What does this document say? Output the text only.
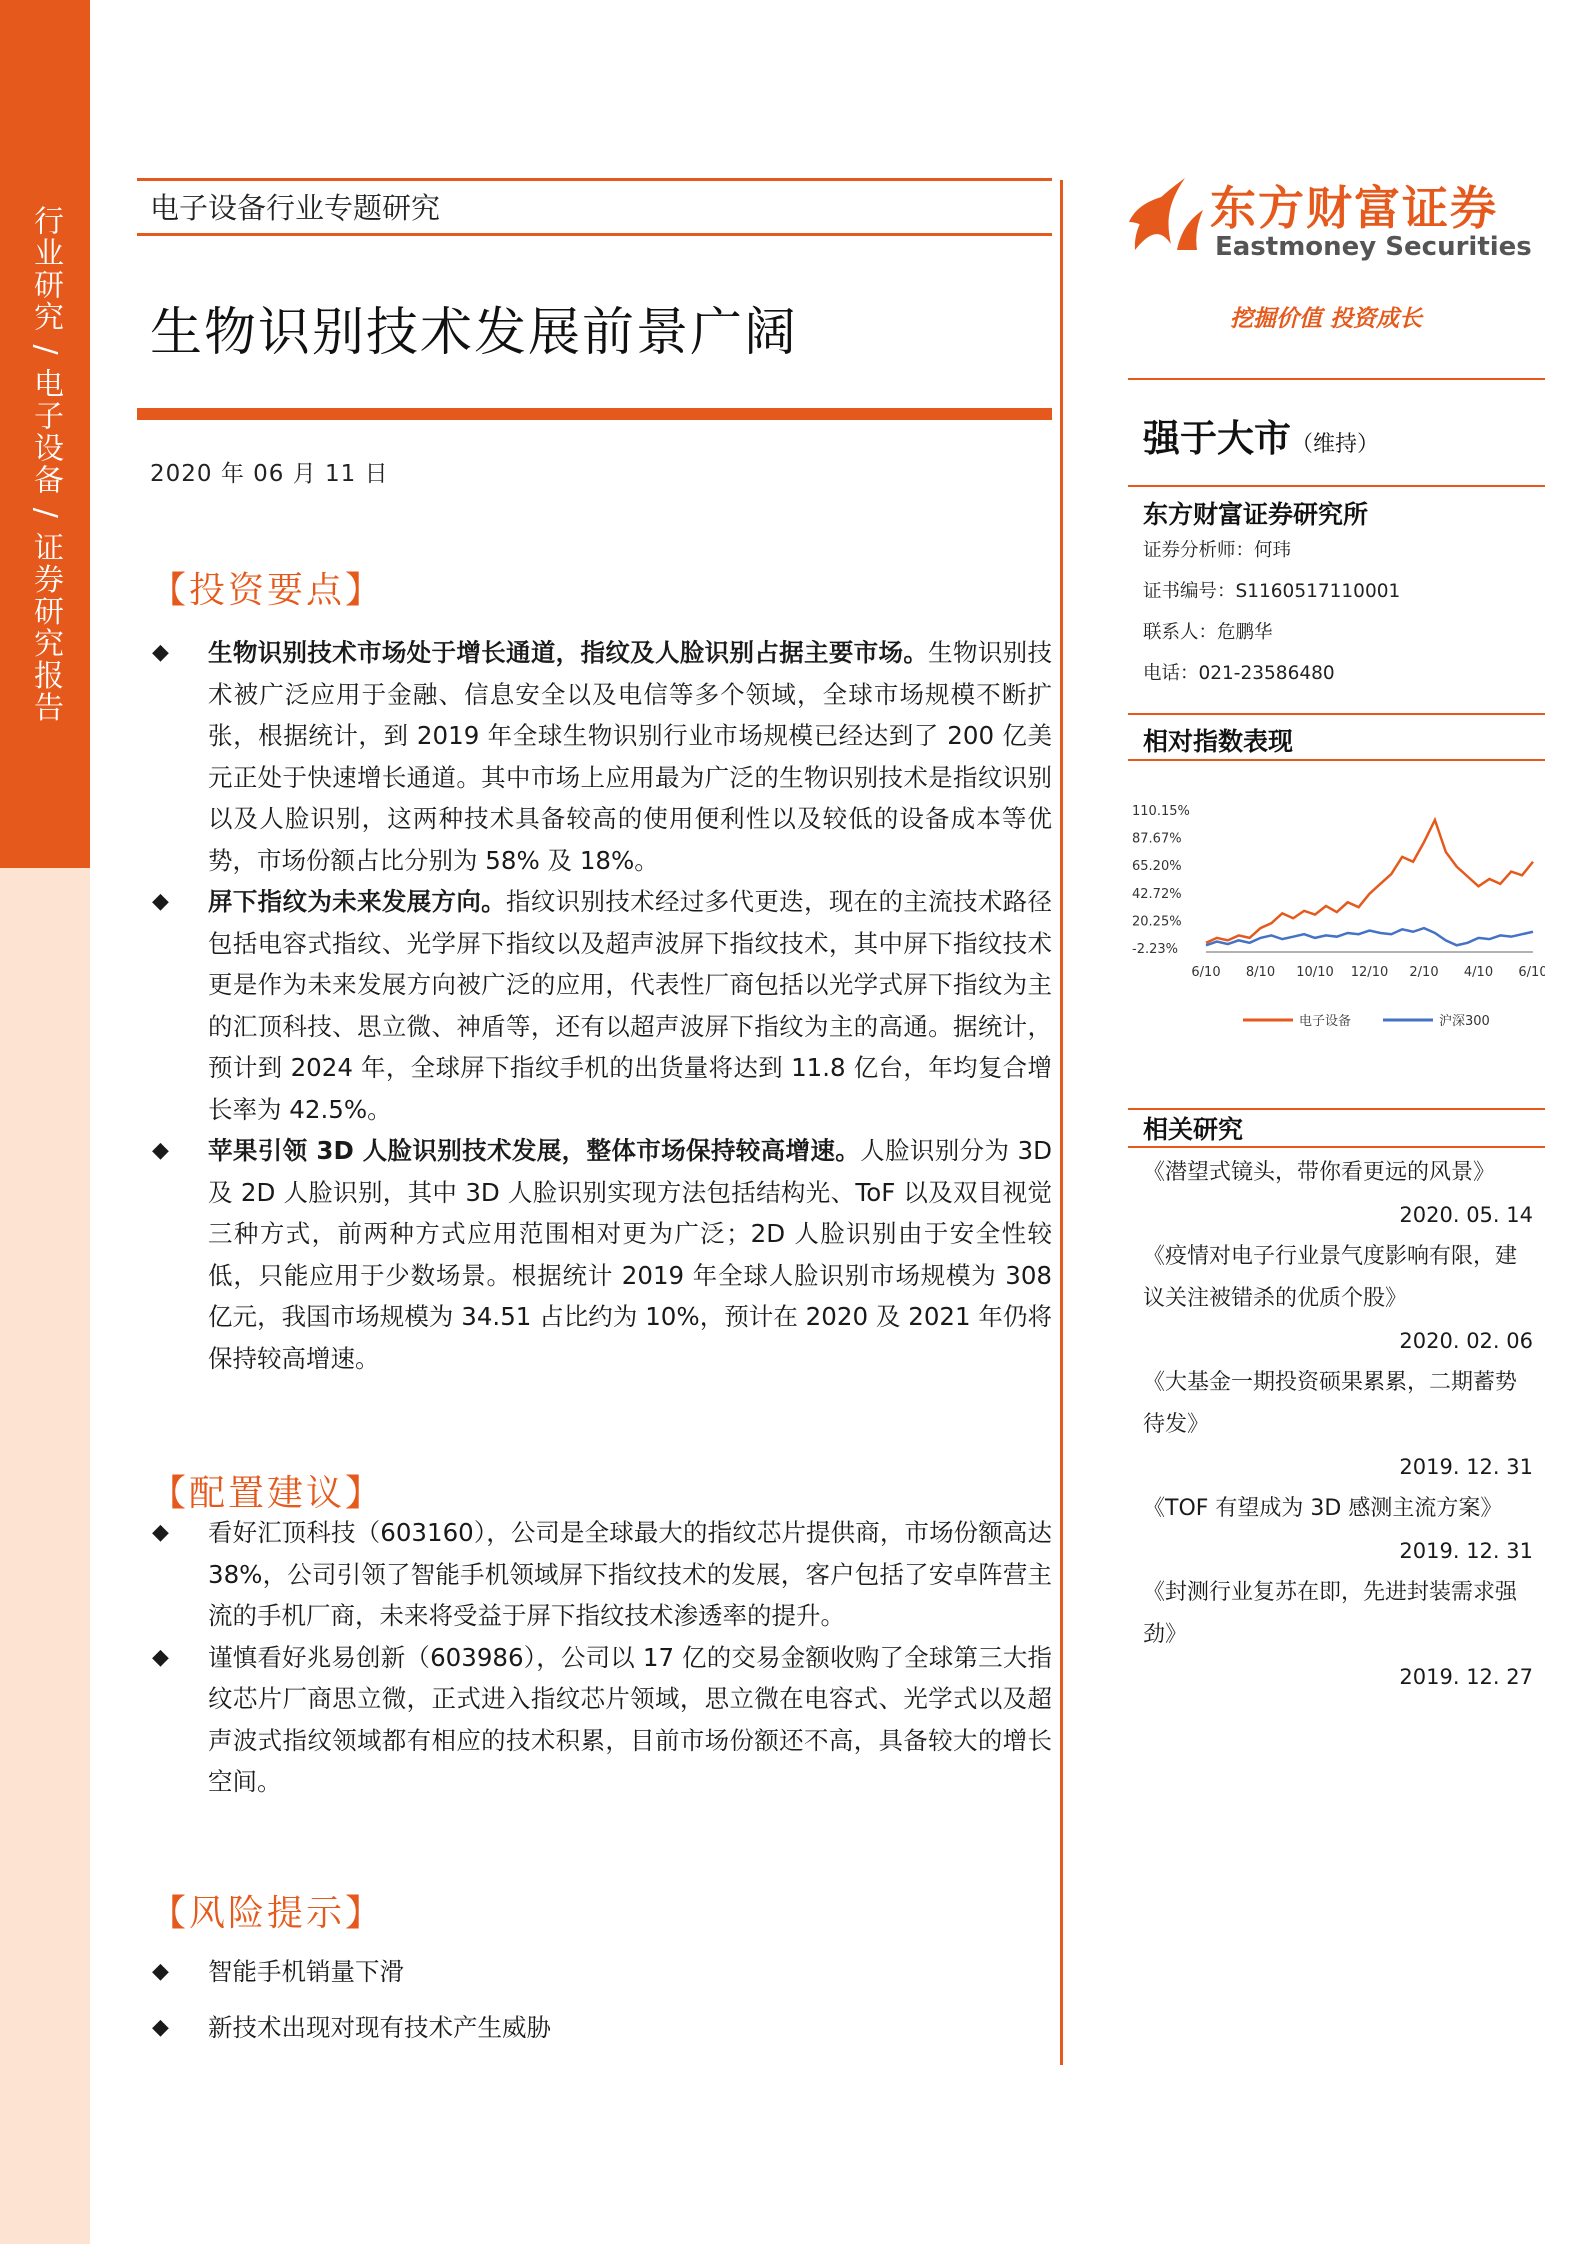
行业研究 / 电子设备 / 证券研究报告	电子设备行业专题研究
生物识别技术发展前景广阔
2020 年 06 月 11 日
【投资要点】
◆ 生物识别技术市场处于增长通道，指纹及人脸识别占据主要市场。生物识别技术被广泛应用于金融、信息安全以及电信等多个领域，全球市场规模不断扩张，根据统计，到 2019 年全球生物识别行业市场规模已经达到了 200 亿美元正处于快速增长通道。其中市场上应用最为广泛的生物识别技术是指纹识别以及人脸识别，这两种技术具备较高的使用便利性以及较低的设备成本等优势，市场份额占比分别为 58% 及 18%。
◆ 屏下指纹为未来发展方向。指纹识别技术经过多代更迭，现在的主流技术路径包括电容式指纹、光学屏下指纹以及超声波屏下指纹技术，其中屏下指纹技术更是作为未来发展方向被广泛的应用，代表性厂商包括以光学式屏下指纹为主的汇顶科技、思立微、神盾等，还有以超声波屏下指纹为主的高通。据统计，预计到 2024 年，全球屏下指纹手机的出货量将达到 11.8 亿台，年均复合增长率为 42.5%。
◆ 苹果引领 3D 人脸识别技术发展，整体市场保持较高增速。人脸识别分为 3D 及 2D 人脸识别，其中 3D 人脸识别实现方法包括结构光、ToF 以及双目视觉三种方式，前两种方式应用范围相对更为广泛；2D 人脸识别由于安全性较低，只能应用于少数场景。根据统计 2019 年全球人脸识别市场规模为 308 亿元，我国市场规模为 34.51 占比约为 10%，预计在 2020 及 2021 年仍将保持较高增速。
【配置建议】
◆ 看好汇顶科技（603160），公司是全球最大的指纹芯片提供商，市场份额高达 38%，公司引领了智能手机领域屏下指纹技术的发展，客户包括了安卓阵营主流的手机厂商，未来将受益于屏下指纹技术渗透率的提升。
◆ 谨慎看好兆易创新（603986），公司以 17 亿的交易金额收购了全球第三大指纹芯片厂商思立微，正式进入指纹芯片领域，思立微在电容式、光学式以及超声波式指纹领域都有相应的技术积累，目前市场份额还不高，具备较大的增长空间。
【风险提示】
◆ 智能手机销量下滑
◆ 新技术出现对现有技术产生威胁
东方财富证券
Eastmoney Securities
挖掘价值 投资成长
强于大市（维持）
东方财富证券研究所
证券分析师：何玮
证书编号：S1160517110001
联系人：危鹏华
电话：021-23586480
相对指数表现
110.15%
87.67%
65.20%
42.72%
20.25%
-2.23%
6/10 8/10 10/10 12/10 2/10 4/10 6/10
电子设备	沪深300
相关研究
《潜望式镜头，带你看更远的风景》
2020. 05. 14
《疫情对电子行业景气度影响有限，建议关注被错杀的优质个股》
2020. 02. 06
《大基金一期投资硕果累累，二期蓄势待发》
2019. 12. 31
《TOF 有望成为 3D 感测主流方案》
2019. 12. 31
《封测行业复苏在即，先进封装需求强劲》
2019. 12. 27
